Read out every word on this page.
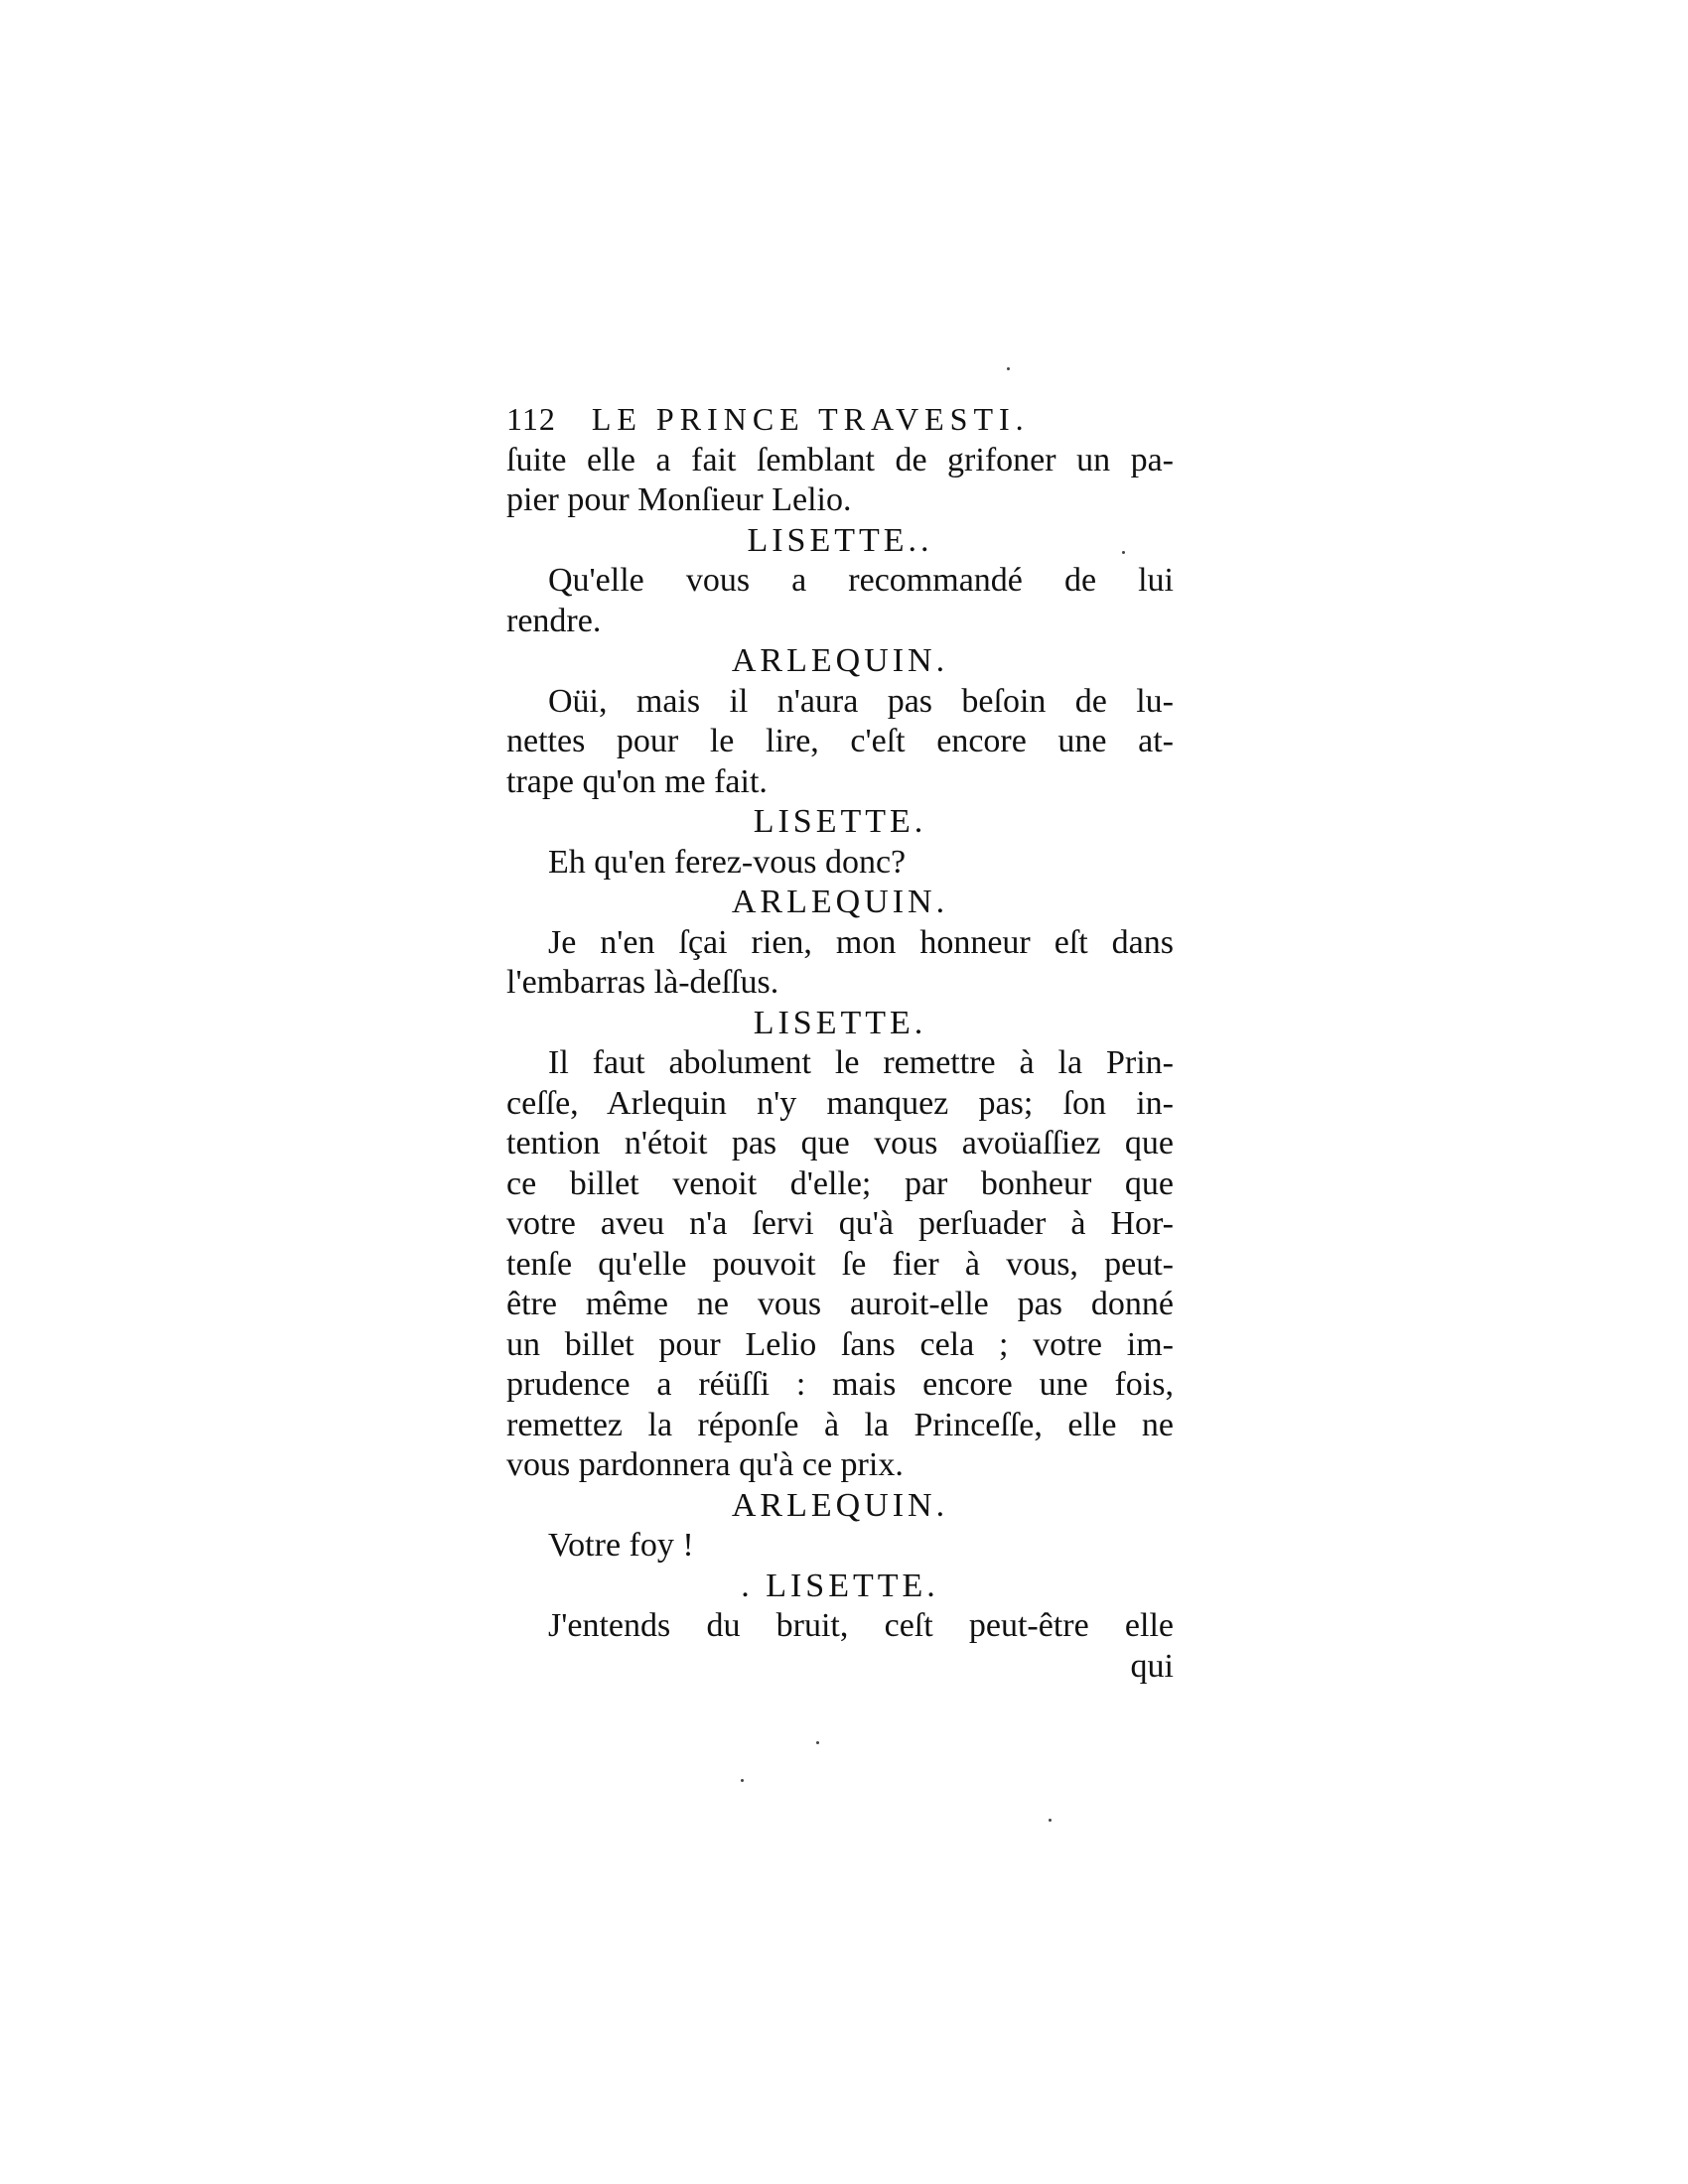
112	LE PRINCE TRAVESTI.
ſuite elle a fait ſemblant de grifoner un pa-
pier pour Monſieur Lelio.
LISETTE..
Qu'elle vous a recommandé de lui
rendre.
ARLEQUIN.
Oüi, mais il n'aura pas beſoin de lu-
nettes pour le lire, c'eſt encore une at-
trape qu'on me fait.
LISETTE.
Eh qu'en ferez-vous donc?
ARLEQUIN.
Je n'en ſçai rien, mon honneur eſt dans
l'embarras là-deſſus.
LISETTE.
Il faut abolument le remettre à la Prin-
ceſſe, Arlequin n'y manquez pas; ſon in-
tention n'étoit pas que vous avoüaſſiez que
ce billet venoit d'elle; par bonheur que
votre aveu n'a ſervi qu'à perſuader à Hor-
tenſe qu'elle pouvoit ſe fier à vous, peut-
être même ne vous auroit-elle pas donné
un billet pour Lelio ſans cela ; votre im-
prudence a réüſſi : mais encore une fois,
remettez la réponſe à la Princeſſe, elle ne
vous pardonnera qu'à ce prix.
ARLEQUIN.
Votre foy !
. LISETTE.
J'entends du bruit, ceſt peut-être elle
qui
